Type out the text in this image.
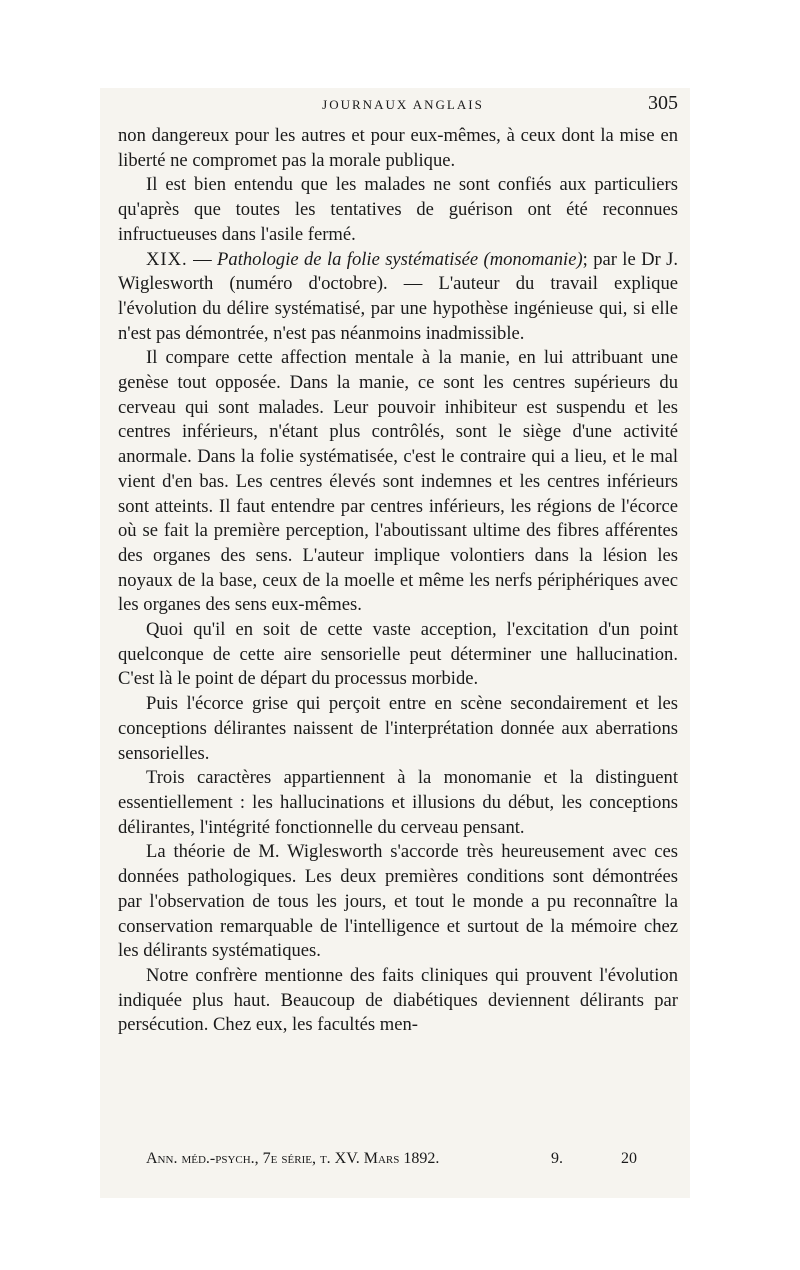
JOURNAUX ANGLAIS	305

non dangereux pour les autres et pour eux-mêmes, à ceux dont la mise en liberté ne compromet pas la morale publique.

Il est bien entendu que les malades ne sont confiés aux particuliers qu'après que toutes les tentatives de guérison ont été reconnues infructueuses dans l'asile fermé.

XIX. — Pathologie de la folie systématisée (monomanie); par le Dr J. Wiglesworth (numéro d'octobre). — L'auteur du travail explique l'évolution du délire systématisé, par une hypothèse ingénieuse qui, si elle n'est pas démontrée, n'est pas néanmoins inadmissible.

Il compare cette affection mentale à la manie, en lui attribuant une genèse tout opposée. Dans la manie, ce sont les centres supérieurs du cerveau qui sont malades. Leur pouvoir inhibiteur est suspendu et les centres inférieurs, n'étant plus contrôlés, sont le siège d'une activité anormale. Dans la folie systématisée, c'est le contraire qui a lieu, et le mal vient d'en bas. Les centres élevés sont indemnes et les centres inférieurs sont atteints. Il faut entendre par centres inférieurs, les régions de l'écorce où se fait la première perception, l'aboutissant ultime des fibres afférentes des organes des sens. L'auteur implique volontiers dans la lésion les noyaux de la base, ceux de la moelle et même les nerfs périphériques avec les organes des sens eux-mêmes.

Quoi qu'il en soit de cette vaste acception, l'excitation d'un point quelconque de cette aire sensorielle peut déterminer une hallucination. C'est là le point de départ du processus morbide.

Puis l'écorce grise qui perçoit entre en scène secondairement et les conceptions délirantes naissent de l'interprétation donnée aux aberrations sensorielles.

Trois caractères appartiennent à la monomanie et la distinguent essentiellement : les hallucinations et illusions du début, les conceptions délirantes, l'intégrité fonctionnelle du cerveau pensant.

La théorie de M. Wiglesworth s'accorde très heureusement avec ces données pathologiques. Les deux premières conditions sont démontrées par l'observation de tous les jours, et tout le monde a pu reconnaître la conservation remarquable de l'intelligence et surtout de la mémoire chez les délirants systématiques.

Notre confrère mentionne des faits cliniques qui prouvent l'évolution indiquée plus haut. Beaucoup de diabétiques deviennent délirants par persécution. Chez eux, les facultés men-

Ann. méd.-psych., 7e série, t. XV. Mars 1892.	9.	20
